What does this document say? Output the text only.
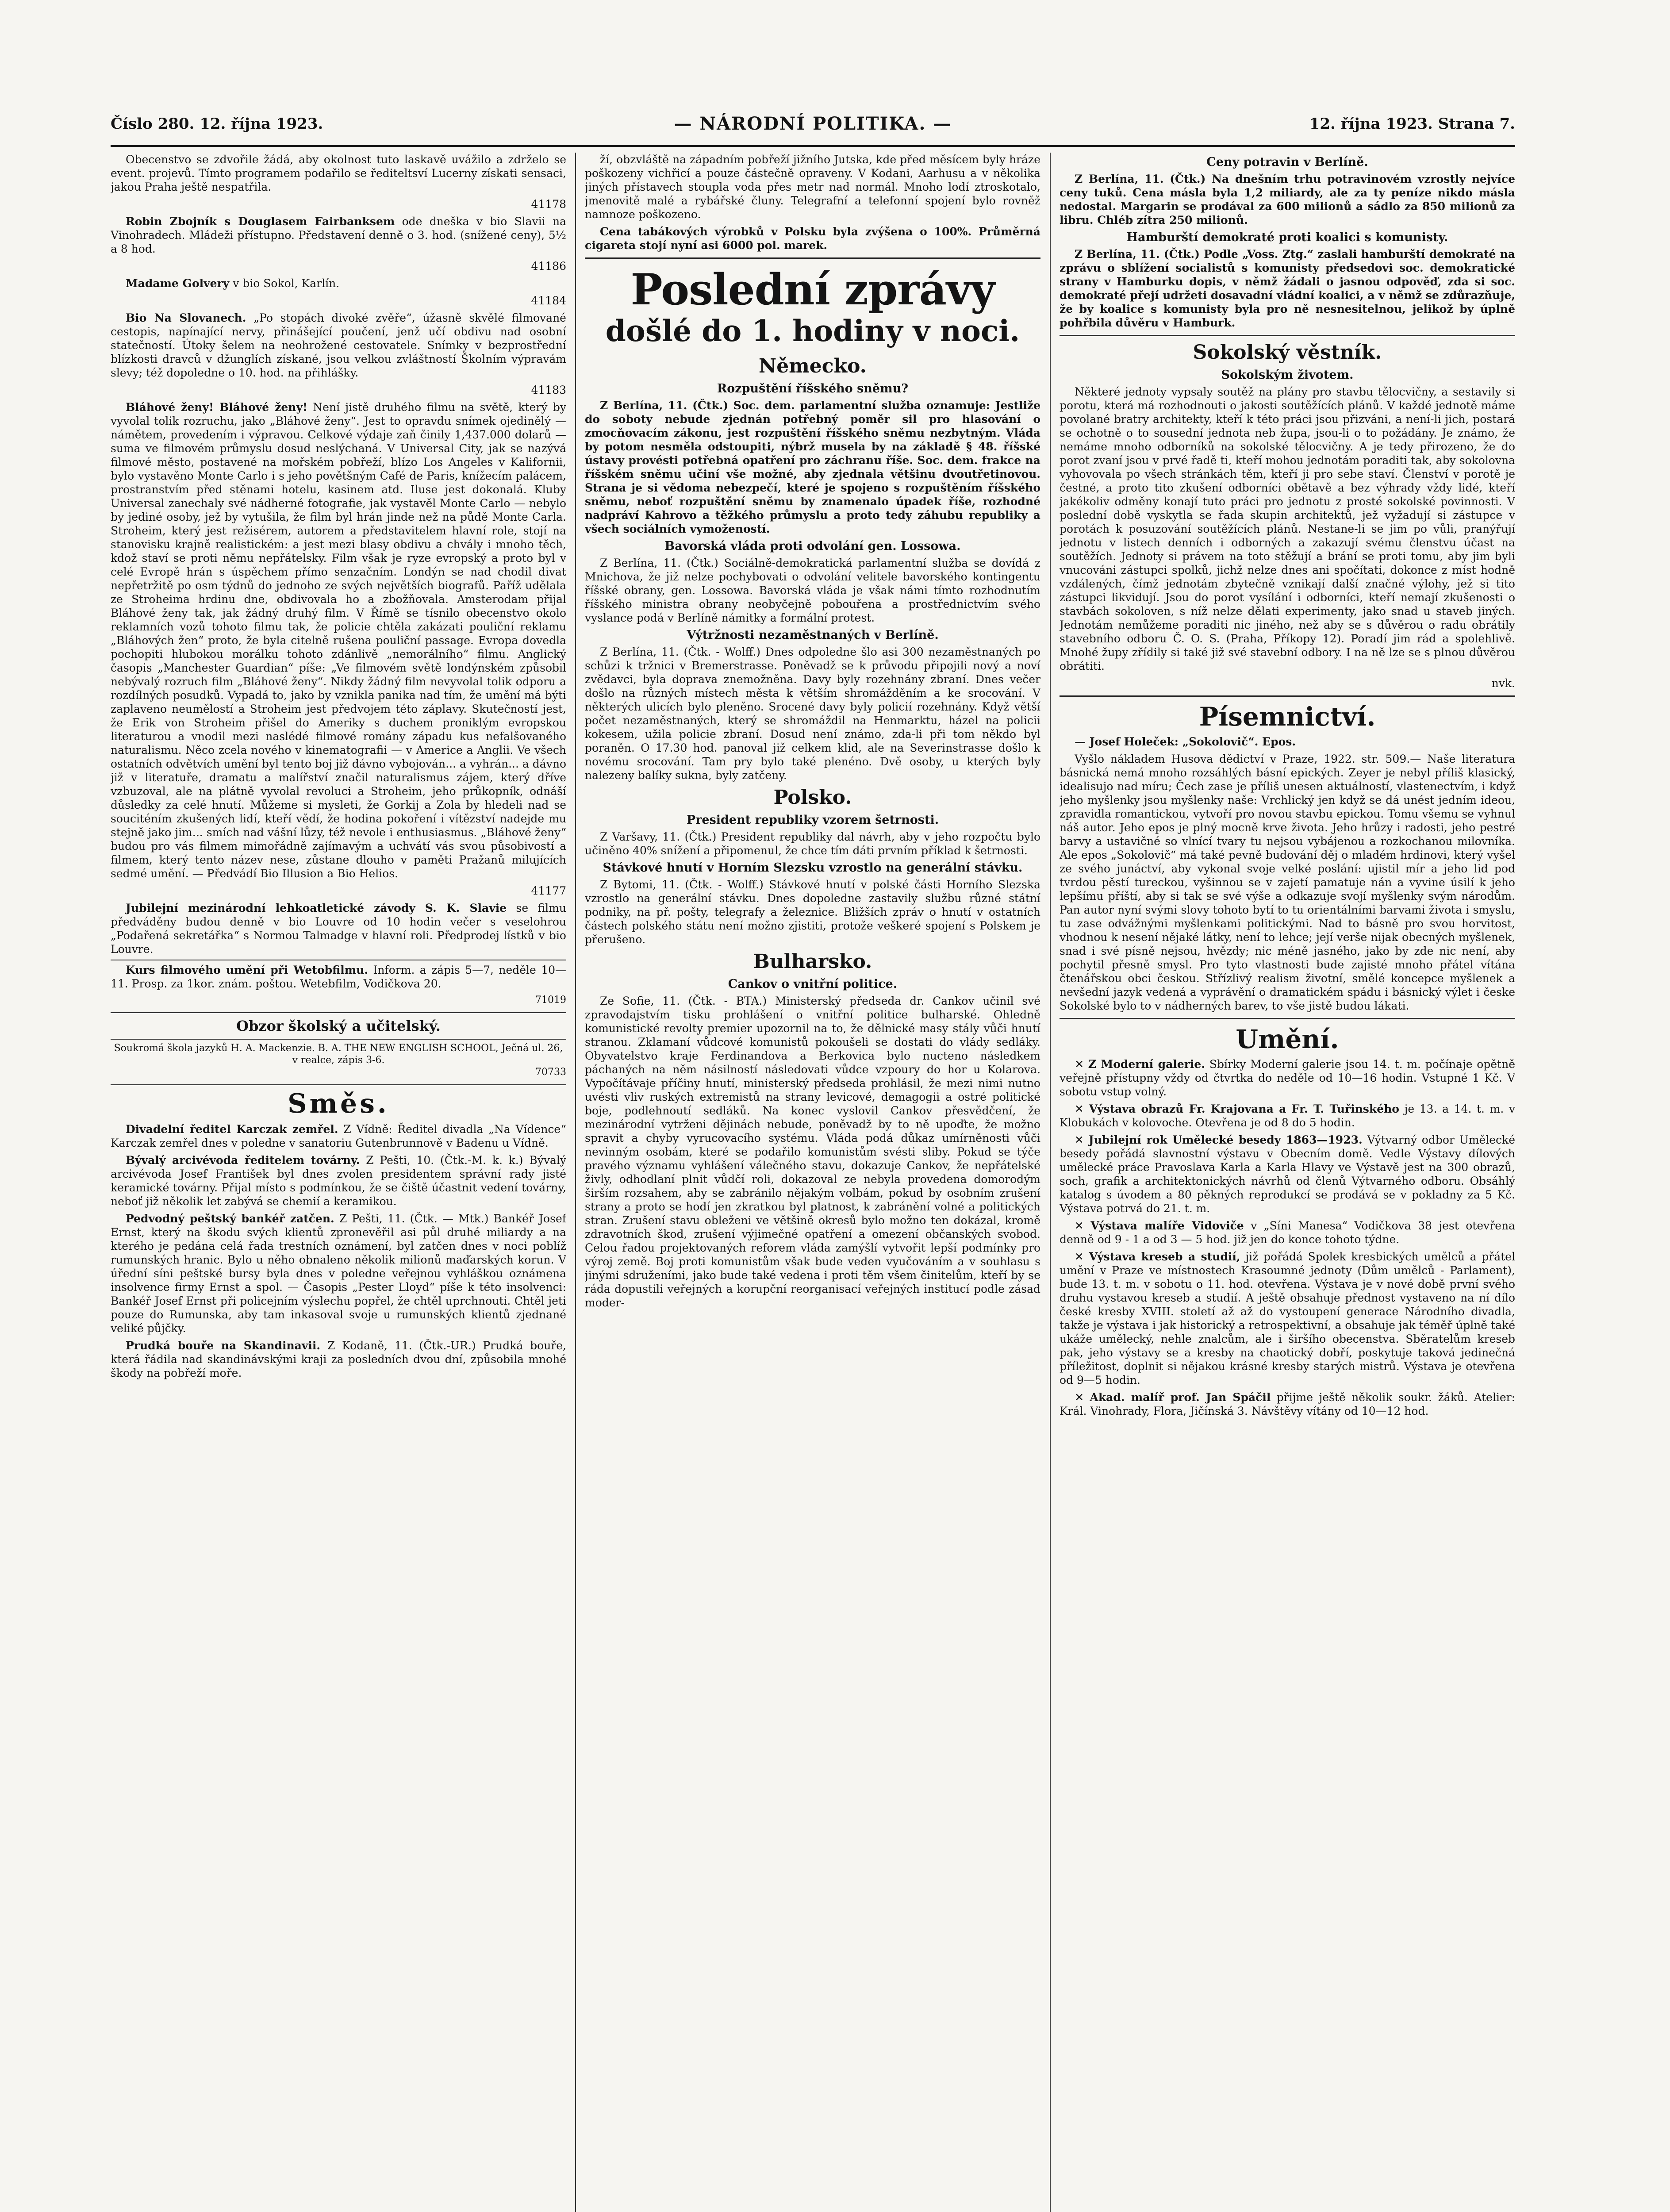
Číslo 280. 12. října 1923.	— NÁRODNÍ POLITIKA. —	12. října 1923. Strana 7.

Obecenstvo se zdvořile žádá, aby okolnost tuto laskavě uvážilo a zdrželo se event. projevů. Tímto programem podařilo se řediteltsví Lucerny získati sensaci, jakou Praha ještě nespatřila.

41178

Robin Zbojník s Douglasem Fairbanksem ode dneška v bio Slavii na Vinohradech. Mládeži přístupno. Představení denně o 3. hod. (snížené ceny), 5½ a 8 hod.

41186

Madame Golvery v bio Sokol, Karlín.

41184

Bio Na Slovanech. „Po stopách divoké zvěře“, úžasně skvělé filmované cestopis, napínající nervy, přinášející poučení, jenž učí obdivu nad osobní statečností. Útoky šelem na neohrožené cestovatele. Snímky v bezprostřední blízkosti dravců v džunglích získané, jsou velkou zvláštností Školním výpravám slevy; též dopoledne o 10. hod. na přihlášky.

41183

Bláhové ženy! Bláhové ženy! Není jistě druhého filmu na světě, který by vyvolal tolik rozruchu, jako „Bláhové ženy“. Jest to opravdu snímek ojedinělý — námětem, provedením i výpravou. Celkové výdaje zaň činily 1,437.000 dolarů — suma ve filmovém průmyslu dosud neslýchaná. V Universal City, jak se nazývá filmové město, postavené na mořském pobřeží, blízo Los Angeles v Kalifornii, bylo vystavěno Monte Carlo i s jeho povětšným Café de Paris, knížecím palácem, prostranstvím před stěnami hotelu, kasinem atd. Iluse jest dokonalá. Kluby Universal zanechaly své nádherné fotografie, jak vystavěl Monte Carlo — nebylo by jediné osoby, jež by vytušila, že film byl hrán jinde než na půdě Monte Carla. Stroheim, který jest režisérem, autorem a představitelem hlavní role, stojí na stanovisku krajně realistickém: a jest mezi blasy obdivu a chvály i mnoho těch, kdož staví se proti němu nepřátelsky. Film však je ryze evropský a proto byl v celé Evropě hrán s úspěchem přímo senzačním. Londýn se nad chodil divat nepřetržitě po osm týdnů do jednoho ze svých největších biografů. Paříž udělala ze Stroheima hrdinu dne, obdivovala ho a zbožňovala. Amsterodam přijal Bláhové ženy tak, jak žádný druhý film. V Římě se tísnilo obecenstvo okolo reklamních vozů tohoto filmu tak, že policie chtěla zakázati pouliční reklamu „Bláhových žen“ proto, že byla citelně rušena pouliční passage. Evropa dovedla pochopiti hlubokou morálku tohoto zdánlivě „nemorálního“ filmu. Anglický časopis „Manchester Guardian“ píše: „Ve filmovém světě londýnském způsobil nebývalý rozruch film „Bláhové ženy“. Nikdy žádný film nevyvolal tolik odporu a rozdílných posudků. Vypadá to, jako by vznikla panika nad tím, že umění má býti zaplaveno neumělostí a Stroheim jest předvojem této záplavy. Skutečností jest, že Erik von Stroheim přišel do Ameriky s duchem proniklým evropskou literaturou a vnodil mezi naslédé filmové romány západu kus nefalšovaného naturalismu. Něco zcela nového v kinematografii — v Americe a Anglii. Ve všech ostatních odvětvích umění byl tento boj již dávno vybojován... a vyhrán... a dávno již v literatuře, dramatu a malířství značil naturalismus zájem, který dříve vzbuzoval, ale na plátně vyvolal revoluci a Stroheim, jeho průkopník, odnáší důsledky za celé hnutí. Můžeme si mysleti, že Gorkij a Zola by hledeli nad se souciténím zkušených lidí, kteří vědí, že hodina pokoření i vítězství nadejde mu stejně jako jim... smích nad vášní lůzy, též nevole i enthusiasmus. „Bláhové ženy“ budou pro vás filmem mimořádně zajímavým a uchvátí vás svou působivostí a filmem, který tento název nese, zůstane dlouho v paměti Pražanů milujících sedmé umění. — Předvádí Bio Illusion a Bio Helios.

41177

Jubilejní mezinárodní lehkoatletické závody S. K. Slavie se filmu předváděny budou denně v bio Louvre od 10 hodin večer s veselohrou „Podařená sekretářka“ s Normou Talmadge v hlavní roli. Předprodej lístků v bio Louvre.

Kurs filmového umění při Wetobfilmu. Inform. a zápis 5—7, neděle 10—11. Prosp. za 1kor. znám. poštou. Wetebfilm, Vodičkova 20.

71019
Obzor školský a učitelský.
Soukromá škola jazyků H. A. Mackenzie. B. A. THE NEW ENGLISH SCHOOL, Ječná ul. 26, v realce, zápis 3-6.
70733
Směs.

Divadelní ředitel Karczak zemřel. Z Vídně: Ředitel divadla „Na Vídence“ Karczak zemřel dnes v poledne v sanatoriu Gutenbrunnově v Badenu u Vídně.

Bývalý arcivévoda ředitelem továrny. Z Pešti, 10. (Čtk.-M. k. k.) Bývalý arcivévoda Josef František byl dnes zvolen presidentem správní rady jisté keramické továrny. Přijal místo s podmínkou, že se čiště účastnit vedení továrny, neboť již několik let zabývá se chemií a keramikou.

Pedvodný peštský bankéř zatčen. Z Pešti, 11. (Čtk. — Mtk.) Bankéř Josef Ernst, který na škodu svých klientů zpronevěřil asi půl druhé miliardy a na kterého je pedána celá řada trestních oznámení, byl zatčen dnes v noci poblíž rumunských hranic. Bylo u něho obnaleno několik milionů maďarských korun. V úřední síni peštské bursy byla dnes v poledne veřejnou vyhláškou oznámena insolvence firmy Ernst a spol. — Časopis „Pester Lloyd“ píše k této insolvenci: Bankéř Josef Ernst při policejním výslechu popřel, že chtěl uprchnouti. Chtěl jeti pouze do Rumunska, aby tam inkasoval svoje u rumunských klientů zjednané veliké půjčky.

Prudká bouře na Skandinavii. Z Kodaně, 11. (Čtk.-UR.) Prudká bouře, která řádila nad skandinávskými kraji za posledních dvou dní, způsobila mnohé škody na pobřeží moře.

ží, obzvláště na západním pobřeží jižního Jutska, kde před měsícem byly hráze poškozeny vichřicí a pouze částečně opraveny. V Kodani, Aarhusu a v několika jiných přístavech stoupla voda přes metr nad normál. Mnoho lodí ztroskotalo, jmenovitě malé a rybářské čluny. Telegrafní a telefonní spojení bylo rovněž namnoze poškozeno.

Cena tabákových výrobků v Polsku byla zvýšena o 100%. Průměrná cigareta stojí nyní asi 6000 pol. marek.

Poslední zprávy
došlé do 1. hodiny v noci.
Německo.
Rozpuštění říšského sněmu?

Z Berlína, 11. (Čtk.) Soc. dem. parlamentní služba oznamuje: Jestliže do soboty nebude zjednán potřebný poměr sil pro hlasování o zmocňovacím zákonu, jest rozpuštění říšského sněmu nezbytným. Vláda by potom nesměla odstoupiti, nýbrž musela by na základě § 48. říšské ústavy provésti potřebná opatření pro záchranu říše. Soc. dem. frakce na říšském sněmu učiní vše možné, aby zjednala většinu dvoutřetinovou. Strana je si vědoma nebezpečí, které je spojeno s rozpuštěním říšského sněmu, neboť rozpuštění sněmu by znamenalo úpadek říše, rozhodné nadpráví Kahrovo a těžkého průmyslu a proto tedy záhubu republiky a všech sociálních vymožeností.

Bavorská vláda proti odvolání gen. Lossowa.

Z Berlína, 11. (Čtk.) Sociálně-demokratická parlamentní služba se dovídá z Mnichova, že již nelze pochybovati o odvolání velitele bavorského kontingentu říšské obrany, gen. Lossowa. Bavorská vláda je však námi tímto rozhodnutím říšského ministra obrany neobyčejně pobouřena a prostřednictvím svého vyslance podá v Berlíně námitky a formální protest.

Výtržnosti nezaměstnaných v Berlíně.

Z Berlína, 11. (Čtk. - Wolff.) Dnes odpoledne šlo asi 300 nezaměstnaných po schůzi k tržnici v Bremerstrasse. Poněvadž se k průvodu připojili nový a noví zvědavci, byla doprava znemožněna. Davy byly rozehnány zbraní. Dnes večer došlo na různých místech města k větším shromážděním a ke srocování. V některých ulicích bylo pleněno. Srocené davy byly policií rozehnány. Když větší počet nezaměstnaných, který se shromáždil na Henmarktu, házel na policii kokesem, užila policie zbraní. Dosud není známo, zda-li při tom někdo byl poraněn. O 17.30 hod. panoval již celkem klid, ale na Severinstrasse došlo k novému srocování. Tam pry bylo také plenéno. Dvě osoby, u kterých byly nalezeny balíky sukna, byly zatčeny.

Polsko.
President republiky vzorem šetrnosti.

Z Varšavy, 11. (Čtk.) President republiky dal návrh, aby v jeho rozpočtu bylo učiněno 40% snížení a připomenul, že chce tím dáti prvním příklad k šetrnosti.

Stávkové hnutí v Horním Slezsku vzrostlo na generální stávku.

Z Bytomi, 11. (Čtk. - Wolff.) Stávkové hnutí v polské části Horního Slezska vzrostlo na generální stávku. Dnes dopoledne zastavily službu různé státní podniky, na př. pošty, telegrafy a železnice. Bližších zpráv o hnutí v ostatních částech polského státu není možno zjistiti, protože veškeré spojení s Polskem je přerušeno.

Bulharsko.
Cankov o vnitřní politice.

Ze Sofie, 11. (Čtk. - BTA.) Ministerský předseda dr. Cankov učinil své zpravodajstvím tisku prohlášení o vnitřní politice bulharské. Ohledně komunistické revolty premier upozornil na to, že dělnické masy stály vůči hnutí stranou. Zklamaní vůdcové komunistů pokoušeli se dostati do vlády sedláky. Obyvatelstvo kraje Ferdinandova a Berkovica bylo nucteno následkem páchaných na něm násilností následovati vůdce vzpoury do hor u Kolarova. Vypočítávaje příčiny hnutí, ministerský předseda prohlásil, že mezi nimi nutno uvésti vliv ruských extremistů na strany levicové, demagogii a ostré politické boje, podlehnoutí sedláků. Na konec vyslovil Cankov přesvědčení, že mezinárodní vytrženi dějinách nebude, poněvadž by to ně upoďte, že možno spravit a chyby vyrucovacího systému. Vláda podá důkaz umírněnosti vůči nevinným osobám, které se podařilo komunistům svésti sliby. Pokud se týče pravého významu vyhlášení válečného stavu, dokazuje Cankov, že nepřátelské živly, odhodlaní plnit vůdčí roli, dokazoval ze nebyla provedena domorodým širším rozsahem, aby se zabránilo nějakým volbám, pokud by osobním zrušení strany a proto se hodí jen zkratkou byl platnost, k zabránění volné a politických stran. Zrušení stavu obleženi ve většině okresů bylo možno ten dokázal, kromě zdravotních škod, zrušení výjimečné opatření a omezení občanských svobod. Celou řadou projektovaných reforem vláda zamýšlí vytvořit lepší podmínky pro výroj země. Boj proti komunistům však bude veden vyučováním a v souhlasu s jinými sdruženími, jako bude také vedena i proti těm všem činitelům, kteří by se ráda dopustili veřejných a korupční reorganisací veřejných institucí podle zásad moder-

Ceny potravin v Berlíně.

Z Berlína, 11. (Čtk.) Na dnešním trhu potravinovém vzrostly nejvíce ceny tuků. Cena másla byla 1,2 miliardy, ale za ty peníze nikdo másla nedostal. Margarin se prodával za 600 milionů a sádlo za 850 milionů za libru. Chléb zítra 250 milionů.

Hamburští demokraté proti koalici s komunisty.

Z Berlína, 11. (Čtk.) Podle „Voss. Ztg.“ zaslali hamburští demokraté na zprávu o sblížení socialistů s komunisty předsedovi soc. demokratické strany v Hamburku dopis, v němž žádali o jasnou odpověď, zda si soc. demokraté přejí udržeti dosavadní vládní koalici, a v němž se zdůrazňuje, že by koalice s komunisty byla pro ně nesnesitelnou, jelikož by úplně pohřbila důvěru v Hamburk.

Sokolský věstník.
Sokolským životem.

Některé jednoty vypsaly soutěž na plány pro stavbu tělocvičny, a sestavily si porotu, která má rozhodnouti o jakosti soutěžících plánů. V každé jednotě máme povolané bratry architekty, kteří k této práci jsou přizváni, a není-li jich, postará se ochotně o to sousední jednota neb župa, jsou-li o to požádány. Je známo, že nemáme mnoho odborníků na sokolské tělocvičny. A je tedy přirozeno, že do porot zvaní jsou v prvé řadě ti, kteří mohou jednotám poraditi tak, aby sokolovna vyhovovala po všech stránkách těm, kteří ji pro sebe staví. Členství v porotě je čestné, a proto tito zkušení odborníci obětavě a bez výhrady vždy lidé, kteří jakékoliv odměny konají tuto práci pro jednotu z prosté sokolské povinnosti. V poslední době vyskytla se řada skupin architektů, jež vyžadují si zástupce v porotách k posuzování soutěžících plánů. Nestane-li se jim po vůli, pranýřují jednotu v listech denních i odborných a zakazují svému členstvu účast na soutěžích. Jednoty si právem na toto stěžují a brání se proti tomu, aby jim byli vnucováni zástupci spolků, jichž nelze dnes ani spočítati, dokonce z míst hodně vzdálených, čímž jednotám zbytečně vznikají další značné výlohy, jež si tito zástupci likvidují. Jsou do porot vysílání i odborníci, kteří nemají zkušenosti o stavbách sokoloven, s níž nelze dělati experimenty, jako snad u staveb jiných. Jednotám nemůžeme poraditi nic jiného, než aby se s důvěrou o radu obrátily stavebního odboru Č. O. S. (Praha, Příkopy 12). Poradí jim rád a spolehlivě. Mnohé župy zřídily si také již své stavební odbory. I na ně lze se s plnou důvěrou obrátiti.

nvk.
Písemnictví.

— Josef Holeček: „Sokolovič“. Epos.

Vyšlo nákladem Husova dědictví v Praze, 1922. str. 509.— Naše literatura básnická nemá mnoho rozsáhlých básní epických. Zeyer je nebyl příliš klasický, idealisujo nad míru; Čech zase je příliš unesen aktuálností, vlastenectvím, i když jeho myšlenky jsou myšlenky naše: Vrchlický jen když se dá unést jedním ideou, zpravidla romantickou, vytvoří pro novou stavbu epickou. Tomu všemu se vyhnul náš autor. Jeho epos je plný mocně krve života. Jeho hrůzy i radosti, jeho pestré barvy a ustavičné so vlnící tvary tu nejsou vybájenou a rozkochanou milovníka. Ale epos „Sokolovič“ má také pevně budování děj o mladém hrdinovi, který vyšel ze svého junáctví, aby vykonal svoje velké poslání: ujistil mír a jeho lid pod tvrdou pěstí tureckou, vyšinnou se v zajetí pamatuje nán a vyvine úsilí k jeho lepšímu příští, aby si tak se své výše a odkazuje svojí myšlenky svým národům. Pan autor nyní svými slovy tohoto bytí to tu orientálními barvami života i smyslu, tu zase odvážnými myšlenkami politickými. Nad to básně pro svou horvitost, vhodnou k nesení nějaké látky, není to lehce; její verše nijak obecných myšlenek, snad i své písně nejsou, hvězdy; nic méně jasného, jako by zde nic není, aby pochytil přesně smysl. Pro tyto vlastnosti bude zajisté mnoho přátel vítána čtenářskou obci českou. Střízlivý realism životní, smělé koncepce myšlenek a nevšední jazyk vedená a vyprávění o dramatickém spádu i básnický výlet i česke Sokolské bylo to v nádherných barev, to vše jistě budou lákati.

Umění.

✕ Z Moderní galerie. Sbírky Moderní galerie jsou 14. t. m. počínaje opětně veřejně přístupny vždy od čtvrtka do neděle od 10—16 hodin. Vstupné 1 Kč. V sobotu vstup volný.

✕ Výstava obrazů Fr. Krajovana a Fr. T. Tuřinského je 13. a 14. t. m. v Klobukách v kolovoche. Otevřena je od 8 do 5 hodin.

✕ Jubilejní rok Umělecké besedy 1863—1923. Výtvarný odbor Umělecké besedy pořádá slavnostní výstavu v Obecním domě. Vedle Výstavy dílových umělecké práce Pravoslava Karla a Karla Hlavy ve Výstavě jest na 300 obrazů, soch, grafik a architektonických návrhů od členů Výtvarného odboru. Obsáhlý katalog s úvodem a 80 pěkných reprodukcí se prodává se v pokladny za 5 Kč. Výstava potrvá do 21. t. m.

✕ Výstava malíře Vidoviče v „Síni Manesa“ Vodičkova 38 jest otevřena denně od 9 - 1 a od 3 — 5 hod. již jen do konce tohoto týdne.

✕ Výstava kreseb a studií, již pořádá Spolek kresbických umělců a přátel umění v Praze ve místnostech Krasoumné jednoty (Dům umělců - Parlament), bude 13. t. m. v sobotu o 11. hod. otevřena. Výstava je v nové době první svého druhu vystavou kreseb a studií. A ještě obsahuje přednost vystaveno na ní dílo české kresby XVIII. století až až do vystoupení generace Národního divadla, takže je výstava i jak historický a retrospektivní, a obsahuje jak téměř úplně také ukáže umělecký, nehle znalcům, ale i širšího obecenstva. Sběratelům kreseb pak, jeho výstavy se a kresby na chaotický dobří, poskytuje taková jedinečná příležitost, doplnit si nějakou krásné kresby starých mistrů. Výstava je otevřena od 9—5 hodin.

✕ Akad. malíř prof. Jan Spáčil přijme ještě několik soukr. žáků. Atelier: Král. Vinohrady, Flora, Jičínská 3. Návštěvy vítány od 10—12 hod.
